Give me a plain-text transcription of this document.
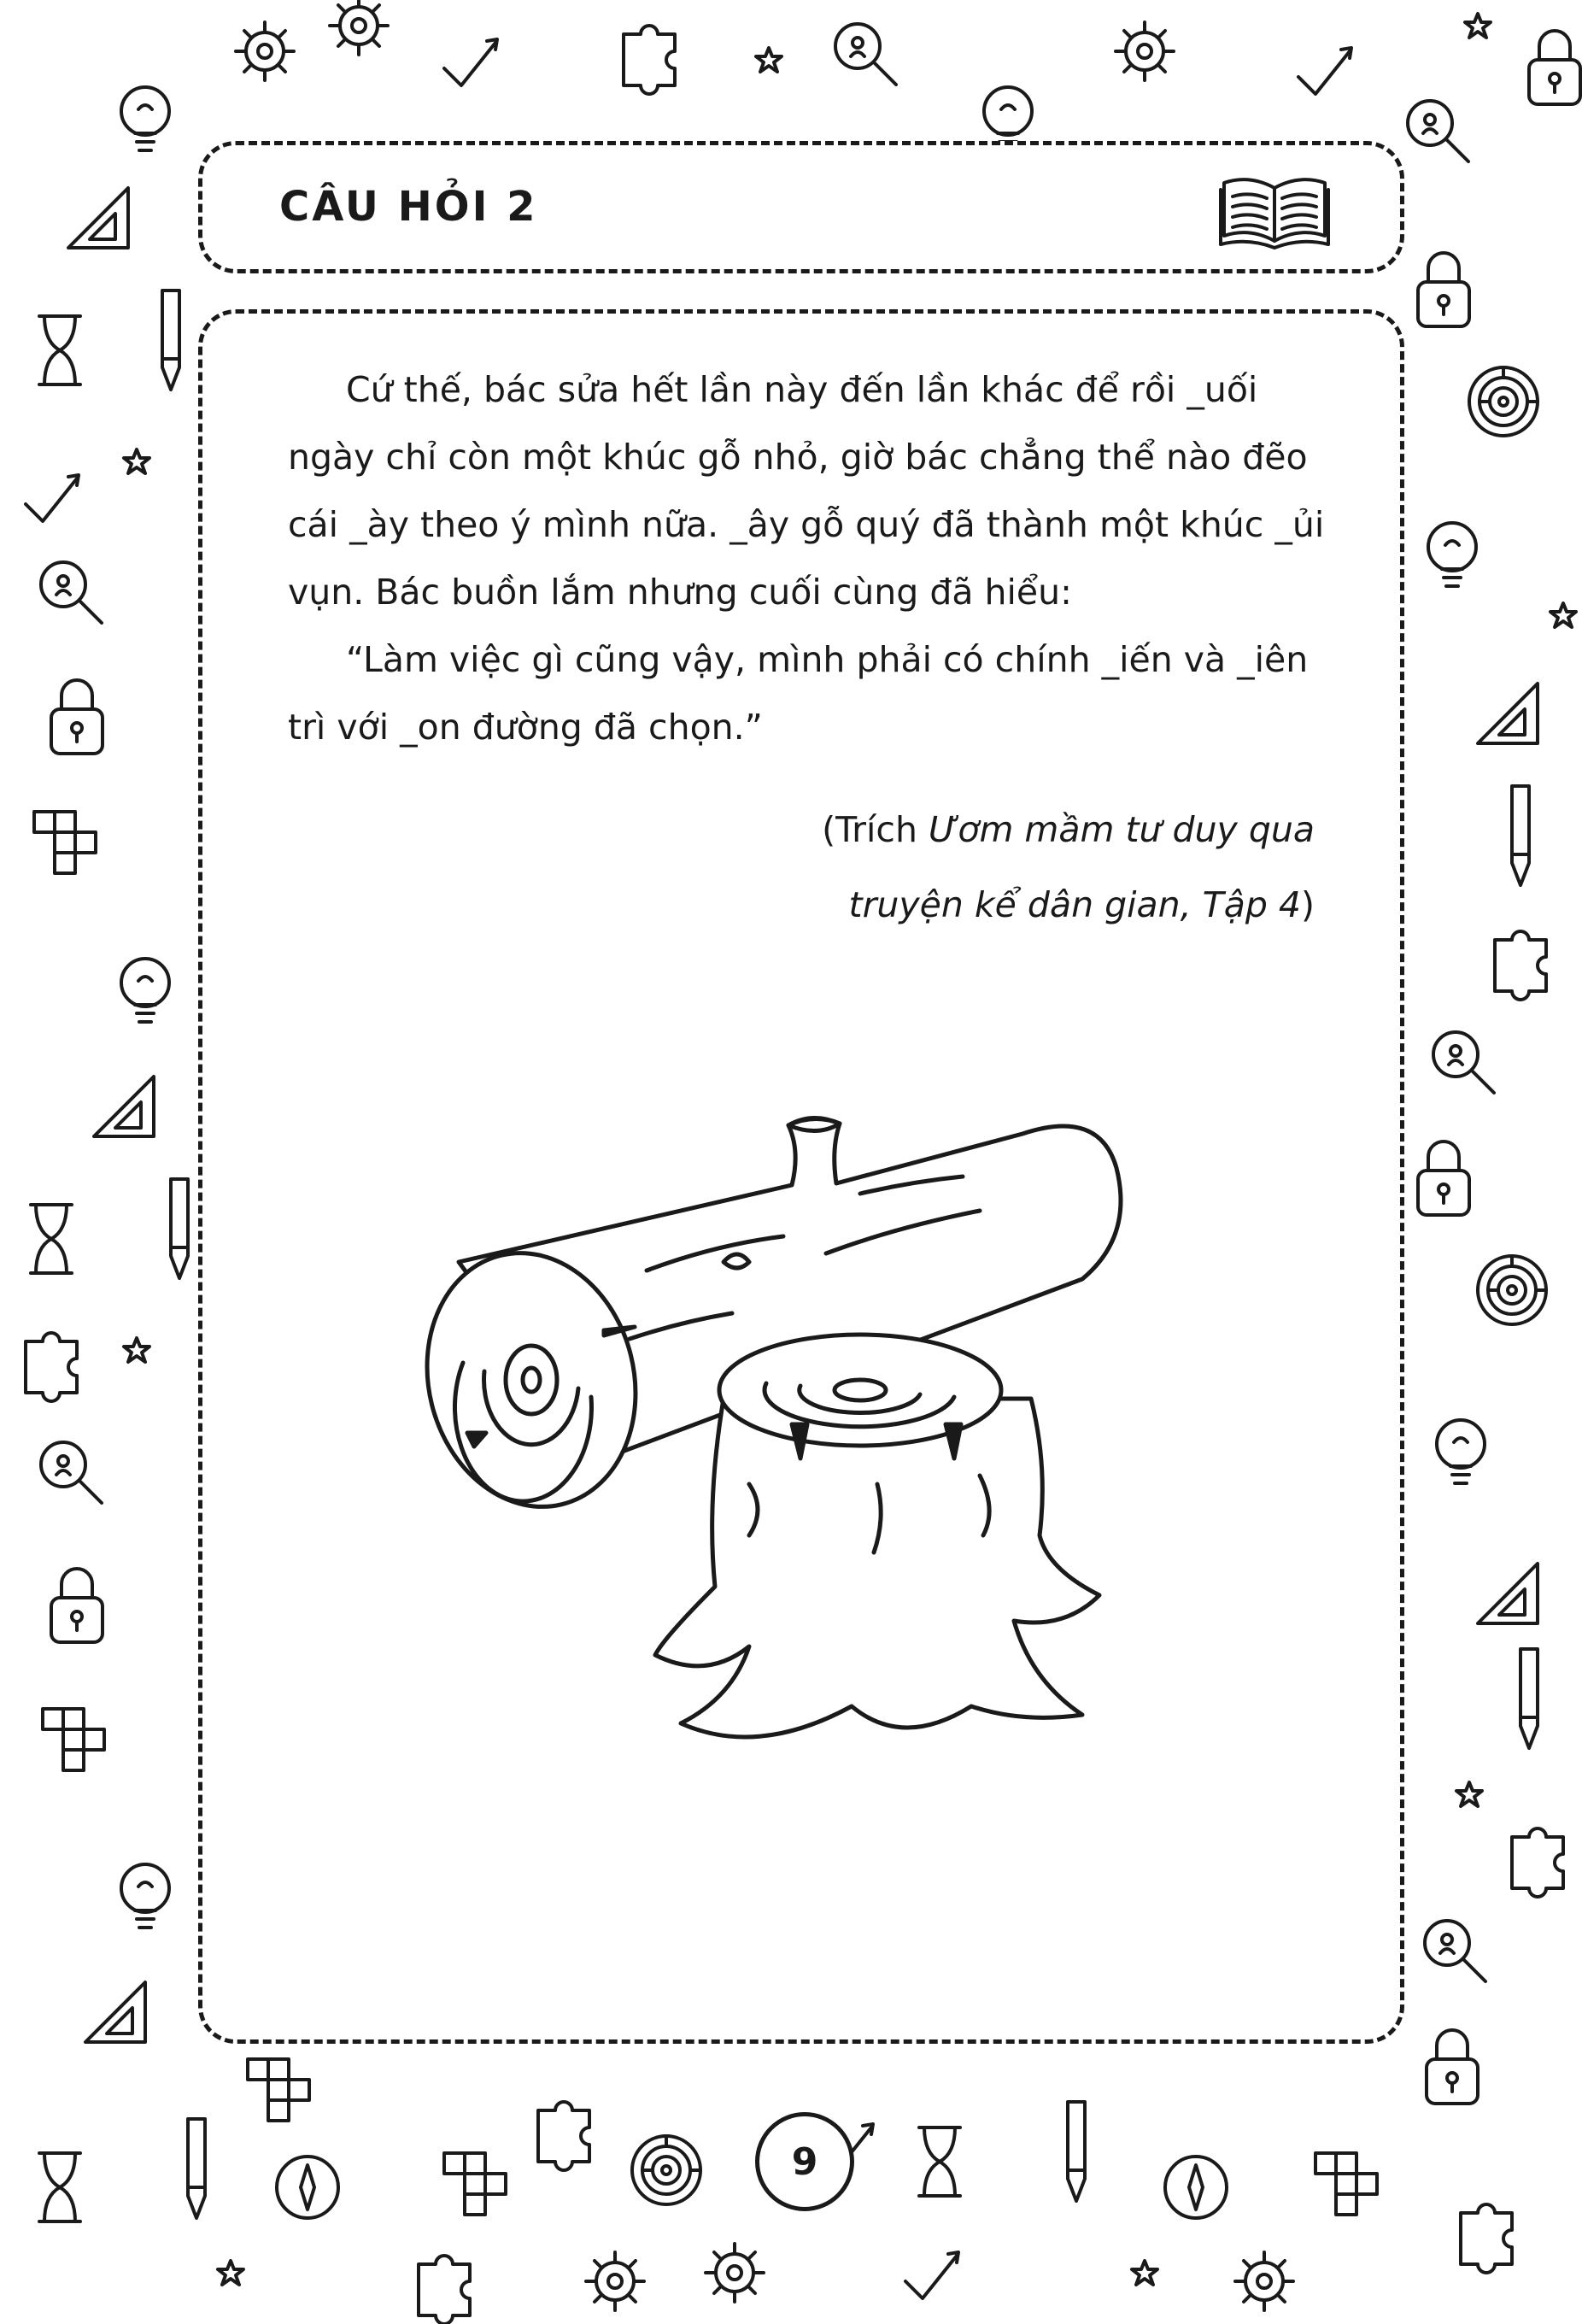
CÂU HỎI 2

Cứ thế, bác sửa hết lần này đến lần khác để rồi _uối ngày chỉ còn một khúc gỗ nhỏ, giờ bác chẳng thể nào đẽo cái _ày theo ý mình nữa. _ây gỗ quý đã thành một khúc _ủi vụn. Bác buồn lắm nhưng cuối cùng đã hiểu:

“Làm việc gì cũng vậy, mình phải có chính _iến và _iên trì với _on đường đã chọn.”

(Trích Ươm mầm tư duy qua
truyện kể dân gian, Tập 4)
9
